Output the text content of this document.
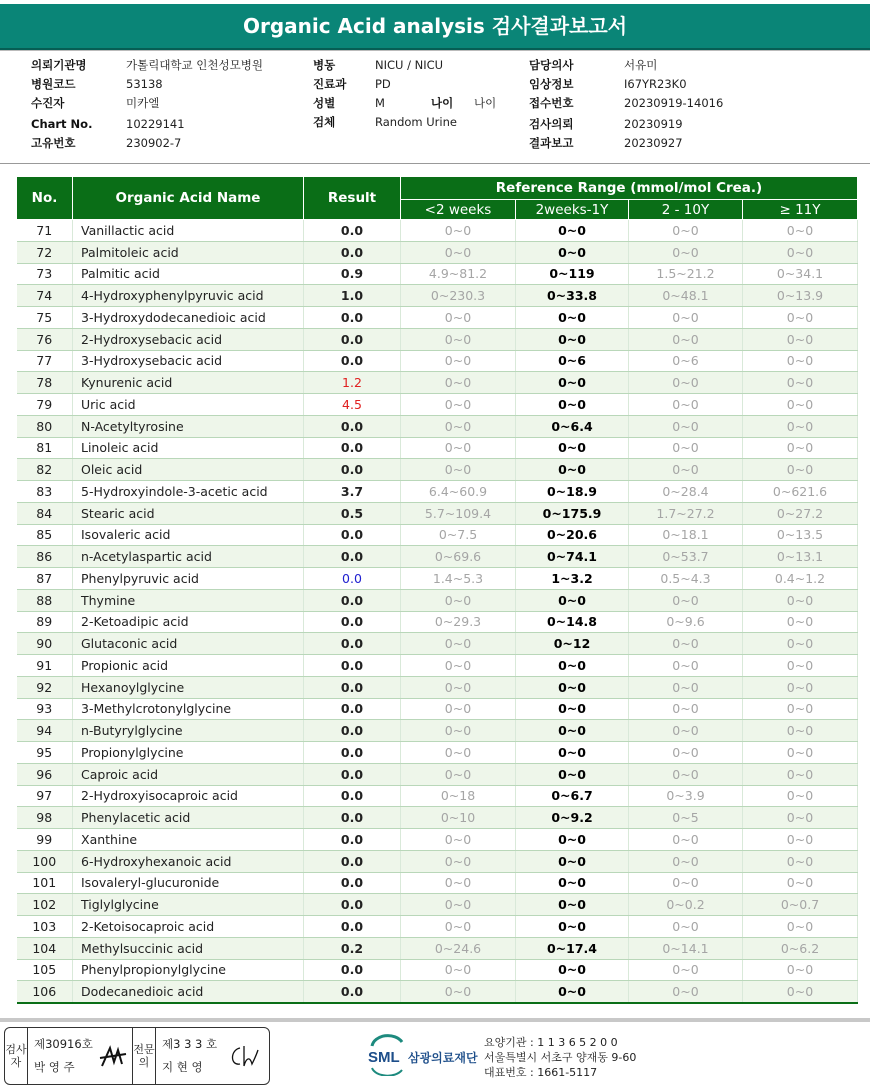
Organic Acid analysis 검사결과보고서
의뢰기관명	가톨릭대학교 인천성모병원
병원코드	53138
수진자	미카엘
Chart No.	10229141
고유번호	230902-7
병동	NICU / NICU
진료과 PD
성별	M	나이 나이
검체	Random Urine
담당의사	서유미
임상정보	I67YR23K0
접수번호	20230919-14016
검사의뢰	20230919
결과보고	20230927
No.	Organic Acid Name	Result	Reference Range (mmol/mol Crea.)			
			<2 weeks	2weeks-1Y	2 - 10Y	≥ 11Y
71	Vanillactic acid	0.0	0~0	0~0	0~0	0~0
72	Palmitoleic acid	0.0	0~0	0~0	0~0	0~0
73	Palmitic acid	0.9	4.9~81.2	0~119	1.5~21.2	0~34.1
74	4-Hydroxyphenylpyruvic acid	1.0	0~230.3	0~33.8	0~48.1	0~13.9
75	3-Hydroxydodecanedioic acid	0.0	0~0	0~0	0~0	0~0
76	2-Hydroxysebacic acid	0.0	0~0	0~0	0~0	0~0
77	3-Hydroxysebacic acid	0.0	0~0	0~6	0~6	0~0
78	Kynurenic acid	1.2	0~0	0~0	0~0	0~0
79	Uric acid	4.5	0~0	0~0	0~0	0~0
80	N-Acetyltyrosine	0.0	0~0	0~6.4	0~0	0~0
81	Linoleic acid	0.0	0~0	0~0	0~0	0~0
82	Oleic acid	0.0	0~0	0~0	0~0	0~0
83	5-Hydroxyindole-3-acetic acid	3.7	6.4~60.9	0~18.9	0~28.4	0~621.6
84	Stearic acid	0.5	5.7~109.4	0~175.9	1.7~27.2	0~27.2
85	Isovaleric acid	0.0	0~7.5	0~20.6	0~18.1	0~13.5
86	n-Acetylaspartic acid	0.0	0~69.6	0~74.1	0~53.7	0~13.1
87	Phenylpyruvic acid	0.0	1.4~5.3	1~3.2	0.5~4.3	0.4~1.2
88	Thymine	0.0	0~0	0~0	0~0	0~0
89	2-Ketoadipic acid	0.0	0~29.3	0~14.8	0~9.6	0~0
90	Glutaconic acid	0.0	0~0	0~12	0~0	0~0
91	Propionic acid	0.0	0~0	0~0	0~0	0~0
92	Hexanoylglycine	0.0	0~0	0~0	0~0	0~0
93	3-Methylcrotonylglycine	0.0	0~0	0~0	0~0	0~0
94	n-Butyrylglycine	0.0	0~0	0~0	0~0	0~0
95	Propionylglycine	0.0	0~0	0~0	0~0	0~0
96	Caproic acid	0.0	0~0	0~0	0~0	0~0
97	2-Hydroxyisocaproic acid	0.0	0~18	0~6.7	0~3.9	0~0
98	Phenylacetic acid	0.0	0~10	0~9.2	0~5	0~0
99	Xanthine	0.0	0~0	0~0	0~0	0~0
100	6-Hydroxyhexanoic acid	0.0	0~0	0~0	0~0	0~0
101	Isovaleryl-glucuronide	0.0	0~0	0~0	0~0	0~0
102	Tiglylglycine	0.0	0~0	0~0	0~0.2	0~0.7
103	2-Ketoisocaproic acid	0.0	0~0	0~0	0~0	0~0
104	Methylsuccinic acid	0.2	0~24.6	0~17.4	0~14.1	0~6.2
105	Phenylpropionylglycine	0.0	0~0	0~0	0~0	0~0
106	Dodecanedioic acid	0.0	0~0	0~0	0~0	0~0
검사자
제30916호
박 영 주
전문의
제3 3 3 호
지 현 영
SML 삼광의료재단
요양기관 : 1 1 3 6 5 2 0 0
서울특별시 서초구 양재동 9-60
대표번호 : 1661-5117
